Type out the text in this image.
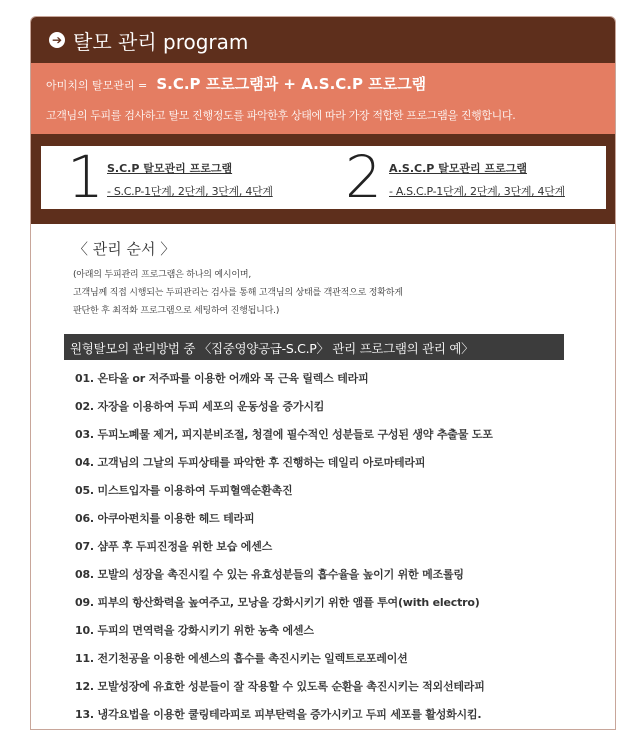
➔ 탈모 관리 program
아미치의 탈모관리 = S.C.P 프로그램과 + A.S.C.P 프로그램
고객님의 두피를 검사하고 탈모 진행정도를 파악한후 상태에 따라 가장 적합한 프로그램을 진행합니다.
1 S.C.P 탈모관리 프로그램
- S.C.P-1단계, 2단계, 3단계, 4단계 2 A.S.C.P 탈모관리 프로그램
- A.S.C.P-1단계, 2단계, 3단계, 4단계
〈 관리 순서 〉
(아래의 두피관리 프로그램은 하나의 예시이며,
고객님께 직접 시행되는 두피관리는 검사를 통해 고객님의 상태를 객관적으로 정확하게
판단한 후 최적화 프로그램으로 세팅하여 진행됩니다.)
원형탈모의 관리방법 중 〈집중영양공급-S.C.P〉 관리 프로그램의 관리 예〉
01. 온타올 or 저주파를 이용한 어깨와 목 근육 릴렉스 테라피
02. 자장을 이용하여 두피 세포의 운동성을 증가시킴
03. 두피노폐물 제거, 피지분비조절, 청결에 필수적인 성분들로 구성된 생약 추출물 도포
04. 고객님의 그날의 두피상태를 파악한 후 진행하는 데일리 아로마테라피
05. 미스트입자를 이용하여 두피혈액순환촉진
06. 아쿠아펀치를 이용한 헤드 테라피
07. 샴푸 후 두피진정을 위한 보습 에센스
08. 모발의 성장을 촉진시킬 수 있는 유효성분들의 흡수율을 높이기 위한 메조롤링
09. 피부의 항산화력을 높여주고, 모낭을 강화시키기 위한 앰플 투여(with electro)
10. 두피의 면역력을 강화시키기 위한 농축 에센스
11. 전기천공을 이용한 에센스의 흡수를 촉진시키는 일렉트로포레이션
12. 모발성장에 유효한 성분들이 잘 작용할 수 있도록 순환을 촉진시키는 적외선테라피
13. 냉각요법을 이용한 쿨링테라피로 피부탄력을 증가시키고 두피 세포를 활성화시킴.
